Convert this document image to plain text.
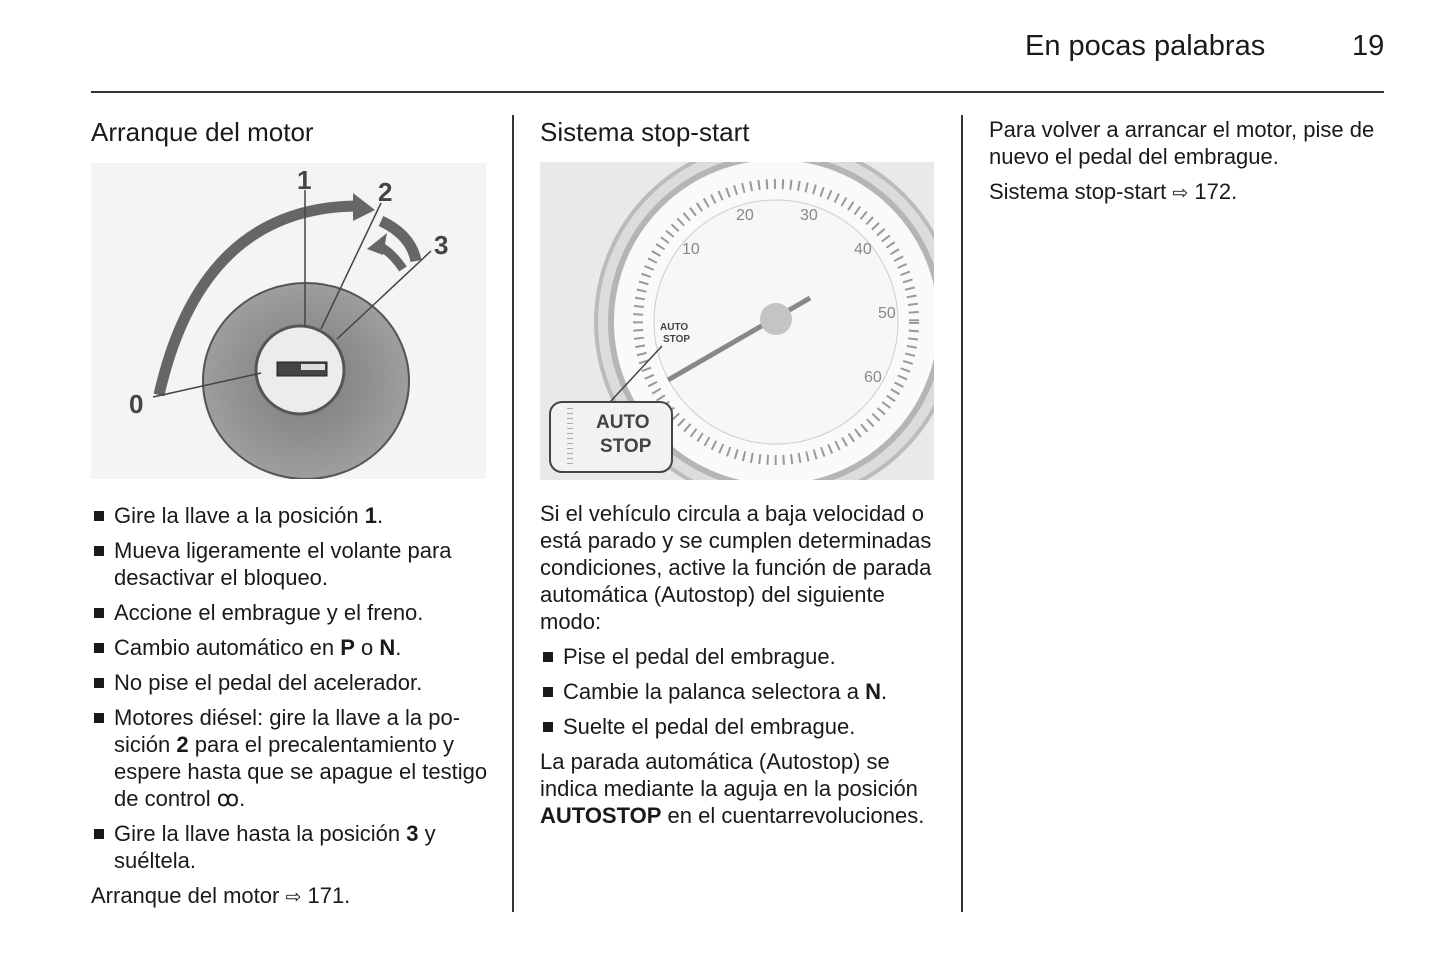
En pocas palabras	19
Arranque del motor
1	2
3
0
Gire la llave a la posición 1.
Mueva ligeramente el volante para desactivar el bloqueo.
Accione el embrague y el freno.
Cambio automático en P o N.
No pise el pedal del acelerador.
Motores diésel: gire la llave a la posición 2 para el precalentamiento y espere hasta que se apague el testigo de control ꝏ.
Gire la llave hasta la posición 3 y suéltela.

Arranque del motor ⇨ 171.

Sistema stop-start
10
20	30
40
50
60
AUTO
STOP
AUTO
STOP

Si el vehículo circula a baja velocidad o está parado y se cumplen determinadas condiciones, active la función de parada automática (Autostop) del siguiente modo:

Pise el pedal del embrague.
Cambie la palanca selectora a N.
Suelte el pedal del embrague.

La parada automática (Autostop) se indica mediante la aguja en la posición AUTOSTOP en el cuentarrevoluciones.

Para volver a arrancar el motor, pise de nuevo el pedal del embrague.

Sistema stop-start ⇨ 172.
